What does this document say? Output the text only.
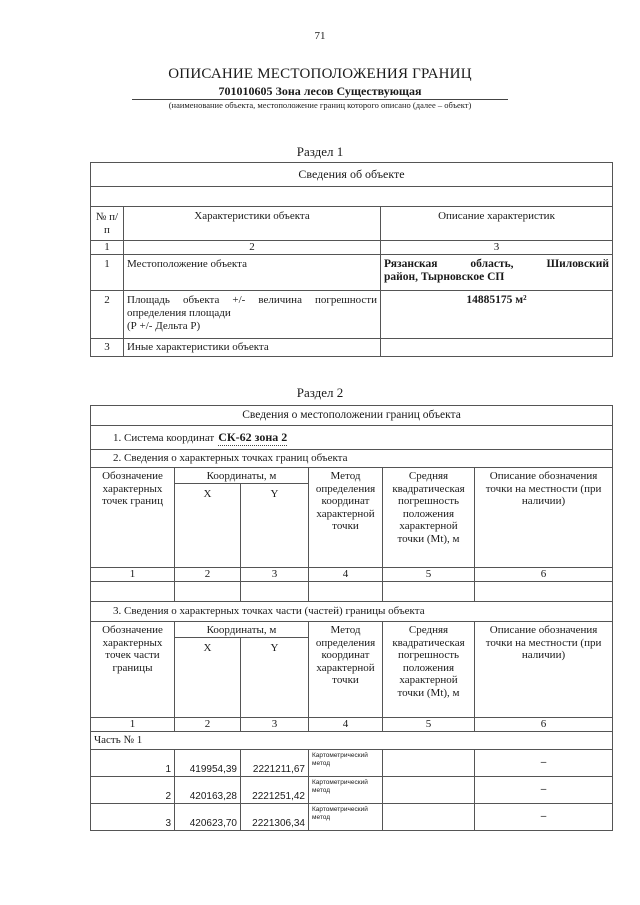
71
ОПИСАНИЕ МЕСТОПОЛОЖЕНИЯ ГРАНИЦ
701010605 Зона лесов Существующая
(наименование объекта, местоположение границ которого описано (далее – объект)
Раздел 1
Сведения об объекте		

№ п/п	Характеристики объекта	Описание характеристик
1	2	3
1	Местоположение объекта	Рязанская область, Шиловский
район, Тырновское СП

2	Площадь объекта +/- величина погрешности
определения площади
(Р +/- Дельта Р)	14885175 м²
3	Иные характеристики объекта	
Раздел 2
Сведения о местоположении границ объекта					
1. Система координат СК-62 зона 2					
2. Сведения о характерных точках границ объекта					
Обозначение характерных точек границ	Координаты, м		Метод определения координат характерной точки	Средняя квадратическая погрешность положения характерной точки (Mt), м	Описание обозначения точки на местности (при наличии)
	X	Y			
1	2	3	4	5	6

3. Сведения о характерных точках части (частей) границы объекта					
Обозначение характерных точек части границы	Координаты, м		Метод определения координат характерной точки	Средняя квадратическая погрешность положения характерной точки (Mt), м	Описание обозначения точки на местности (при наличии)
	X	Y			
1	2	3	4	5	6
Часть № 1					
1	419954,39	2221211,67	Картометрический метод		–
2	420163,28	2221251,42	Картометрический метод		–
3	420623,70	2221306,34	Картометрический метод		–
